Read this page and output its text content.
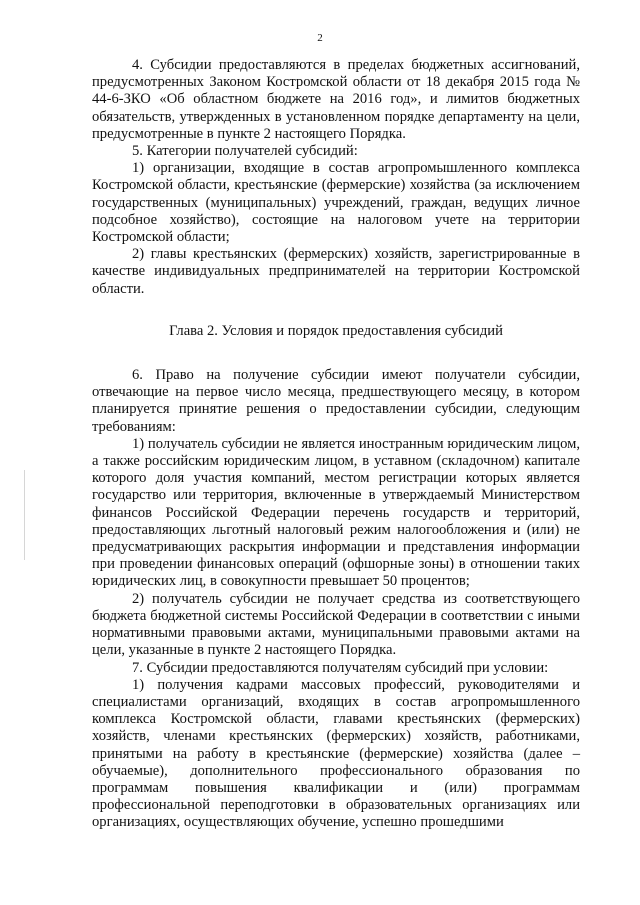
2

4. Субсидии предоставляются в пределах бюджетных ассигнований, предусмотренных Законом Костромской области от 18 декабря 2015 года № 44-6-ЗКО «Об областном бюджете на 2016 год», и лимитов бюджетных обязательств, утвержденных в установленном порядке департаменту на цели, предусмотренные в пункте 2 настоящего Порядка.

5. Категории получателей субсидий:

1) организации, входящие в состав агропромышленного комплекса Костромской области, крестьянские (фермерские) хозяйства (за исключением государственных (муниципальных) учреждений, граждан, ведущих личное подсобное хозяйство), состоящие на налоговом учете на территории Костромской области;

2) главы крестьянских (фермерских) хозяйств, зарегистрированные в качестве индивидуальных предпринимателей на территории Костромской области.

Глава 2. Условия и порядок предоставления субсидий

6. Право на получение субсидии имеют получатели субсидии, отвечающие на первое число месяца, предшествующего месяцу, в котором планируется принятие решения о предоставлении субсидии, следующим требованиям:

1) получатель субсидии не является иностранным юридическим лицом, а также российским юридическим лицом, в уставном (складочном) капитале которого доля участия компаний, местом регистрации которых является государство или территория, включенные в утверждаемый Министерством финансов Российской Федерации перечень государств и территорий, предоставляющих льготный налоговый режим налогообложения и (или) не предусматривающих раскрытия информации и представления информации при проведении финансовых операций (офшорные зоны) в отношении таких юридических лиц, в совокупности превышает 50 процентов;

2) получатель субсидии не получает средства из соответствующего бюджета бюджетной системы Российской Федерации в соответствии с иными нормативными правовыми актами, муниципальными правовыми актами на цели, указанные в пункте 2 настоящего Порядка.

7. Субсидии предоставляются получателям субсидий при условии:

1) получения кадрами массовых профессий, руководителями и специалистами организаций, входящих в состав агропромышленного комплекса Костромской области, главами крестьянских (фермерских) хозяйств, членами крестьянских (фермерских) хозяйств, работниками, принятыми на работу в крестьянские (фермерские) хозяйства (далее – обучаемые), дополнительного профессионального образования по программам повышения квалификации и (или) программам профессиональной переподготовки в образовательных организациях или организациях, осуществляющих обучение, успешно прошедшими
